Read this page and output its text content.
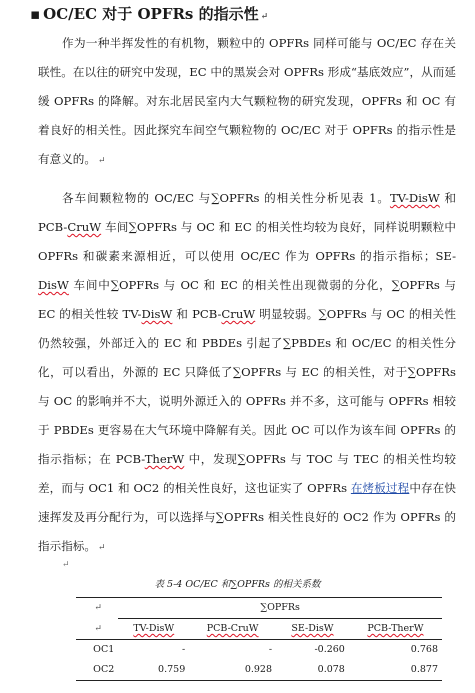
▪ OC/EC 对于 OPFRs 的指示性 ↵

作为一种半挥发性的有机物，颗粒中的 OPFRs 同样可能与 OC/EC 存在关联性。在以往的研究中发现，EC 中的黑炭会对 OPFRs 形成“基底效应”，从而延缓 OPFRs 的降解。对东北居民室内大气颗粒物的研究发现，OPFRs 和 OC 有着良好的相关性。因此探究车间空气颗粒物的 OC/EC 对于 OPFRs 的指示性是有意义的。 ↵

各车间颗粒物的 OC/EC 与∑OPFRs 的相关性分析见表 1。TV-DisW 和 PCB-CruW 车间∑OPFRs 与 OC 和 EC 的相关性均较为良好，同样说明颗粒中 OPFRs 和碳素来源相近，可以使用 OC/EC 作为 OPFRs 的指示指标；SE-DisW 车间中∑OPFRs 与 OC 和 EC 的相关性出现微弱的分化，∑OPFRs 与 EC 的相关性较 TV-DisW 和 PCB-CruW 明显较弱。∑OPFRs 与 OC 的相关性仍然较强，外部迁入的 EC 和 PBDEs 引起了∑PBDEs 和 OC/EC 的相关性分化，可以看出，外源的 EC 只降低了∑OPFRs 与 EC 的相关性，对于∑OPFRs 与 OC 的影响并不大，说明外源迁入的 OPFRs 并不多，这可能与 OPFRs 相较于 PBDEs 更容易在大气环境中降解有关。因此 OC 可以作为该车间 OPFRs 的指示指标；在 PCB-TherW 中，发现∑OPFRs 与 TOC 与 TEC 的相关性均较差，而与 OC1 和 OC2 的相关性良好，这也证实了 OPFRs 在烤板过程中存在快速挥发及再分配行为，可以选择与∑OPFRs 相关性良好的 OC2 作为 OPFRs 的指示指标。 ↵

↵
表 5-4 OC/EC 和∑OPFRs 的相关系数
↵	∑OPFRs			
↵	TV-DisW	PCB-CruW	SE-DisW	PCB-TherW
OC1	-	-	-0.260	0.768
OC2	0.759	0.928	0.078	0.877
